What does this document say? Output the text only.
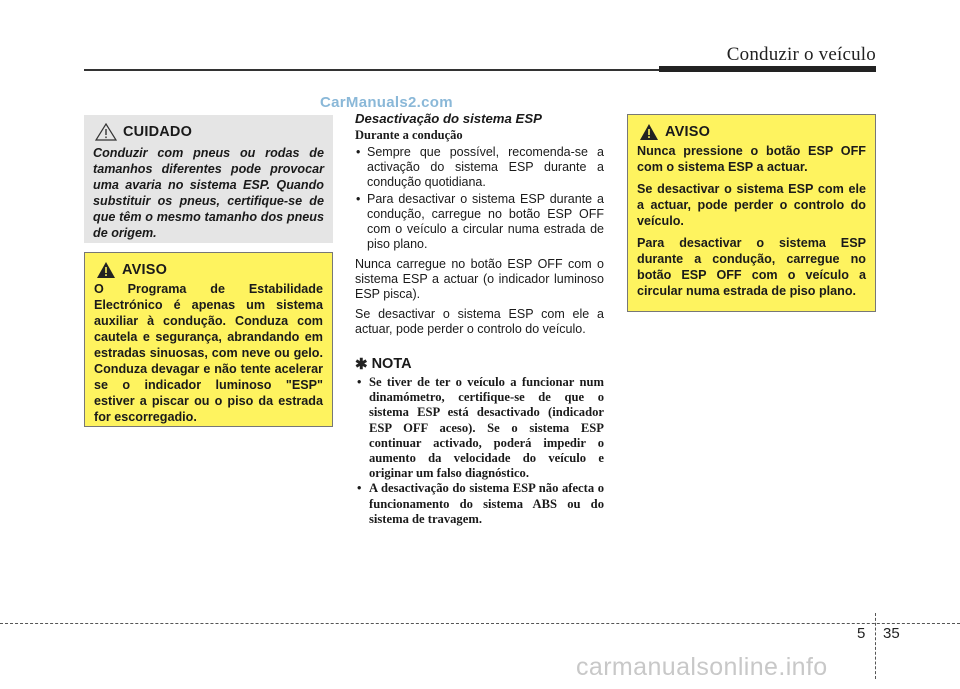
Conduzir o veículo
CarManuals2.com
CUIDADO
Conduzir com pneus ou rodas de tamanhos diferentes pode provocar uma avaria no sistema ESP. Quando substituir os pneus, certifique-se de que têm o mesmo tamanho dos pneus de origem.
AVISO
O Programa de Estabilidade Electrónico é apenas um sistema auxiliar à condução. Conduza com cautela e segurança, abrandando em estradas sinuosas, com neve ou gelo. Conduza devagar e não tente acelerar se o indicador luminoso "ESP" estiver a piscar ou o piso da estrada for escorregadio.
Desactivação do sistema ESP
Durante a condução
• Sempre que possível, recomenda-se a activação do sistema ESP durante a condução quotidiana.
• Para desactivar o sistema ESP durante a condução, carregue no botão ESP OFF com o veículo a circular numa estrada de piso plano.

Nunca carregue no botão ESP OFF com o sistema ESP a actuar (o indicador luminoso ESP pisca).

Se desactivar o sistema ESP com ele a actuar, pode perder o controlo do veículo.

✱ NOTA
• Se tiver de ter o veículo a funcionar num dinamómetro, certifique-se de que o sistema ESP está desactivado (indicador ESP OFF aceso). Se o sistema ESP continuar activado, poderá impedir o aumento da velocidade do veículo e originar um falso diagnóstico.
• A desactivação do sistema ESP não afecta o funcionamento do sistema ABS ou do sistema de travagem.
AVISO

Nunca pressione o botão ESP OFF com o sistema ESP a actuar.

Se desactivar o sistema ESP com ele a actuar, pode perder o controlo do veículo.

Para desactivar o sistema ESP durante a condução, carregue no botão ESP OFF com o veículo a circular numa estrada de piso plano.

5 35
carmanualsonline.info
